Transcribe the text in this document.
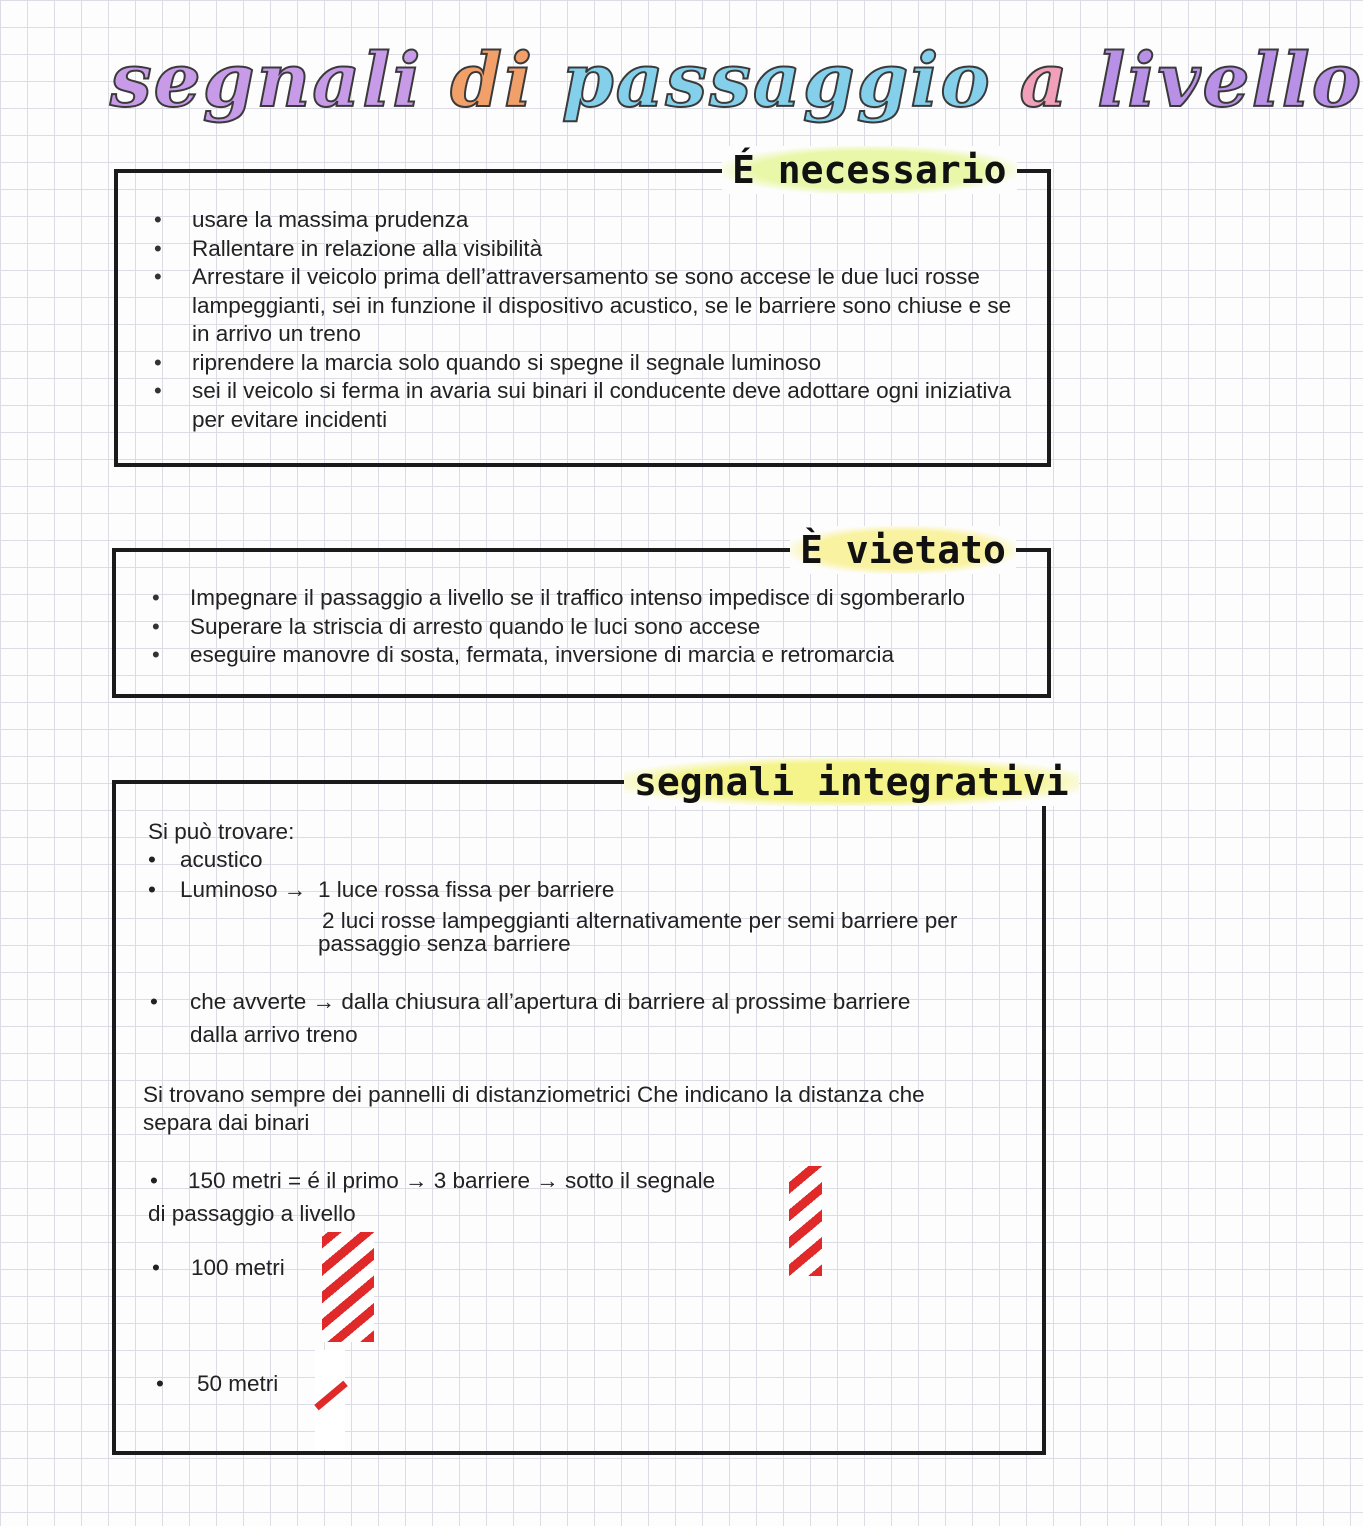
segnali di passaggio a livello
É necessario
• usare la massima prudenza
• Rallentare in relazione alla visibilità
• Arrestare il veicolo prima dell’attraversamento se sono accese le due luci rosse lampeggianti, sei in funzione il dispositivo acustico, se le barriere sono chiuse e se in arrivo un treno
• riprendere la marcia solo quando si spegne il segnale luminoso
• sei il veicolo si ferma in avaria sui binari il conducente deve adottare ogni iniziativa per evitare incidenti
È vietato
• Impegnare il passaggio a livello se il traffico intenso impedisce di sgomberarlo
• Superare la striscia di arresto quando le luci sono accese
• eseguire manovre di sosta, fermata, inversione di marcia e retromarcia
segnali integrativi
Si può trovare:
• acustico
• Luminoso → 1 luce rossa fissa per barriere
2 luci rosse lampeggianti alternativamente per semi barriere per
passaggio senza barriere
• che avverte → dalla chiusura all’apertura di barriere al prossime barriere
dalla arrivo treno
Si trovano sempre dei pannelli di distanziometrici Che indicano la distanza che
separa dai binari
• 150 metri = é il primo → 3 barriere → sotto il segnale
di passaggio a livello
• 100 metri
• 50 metri
